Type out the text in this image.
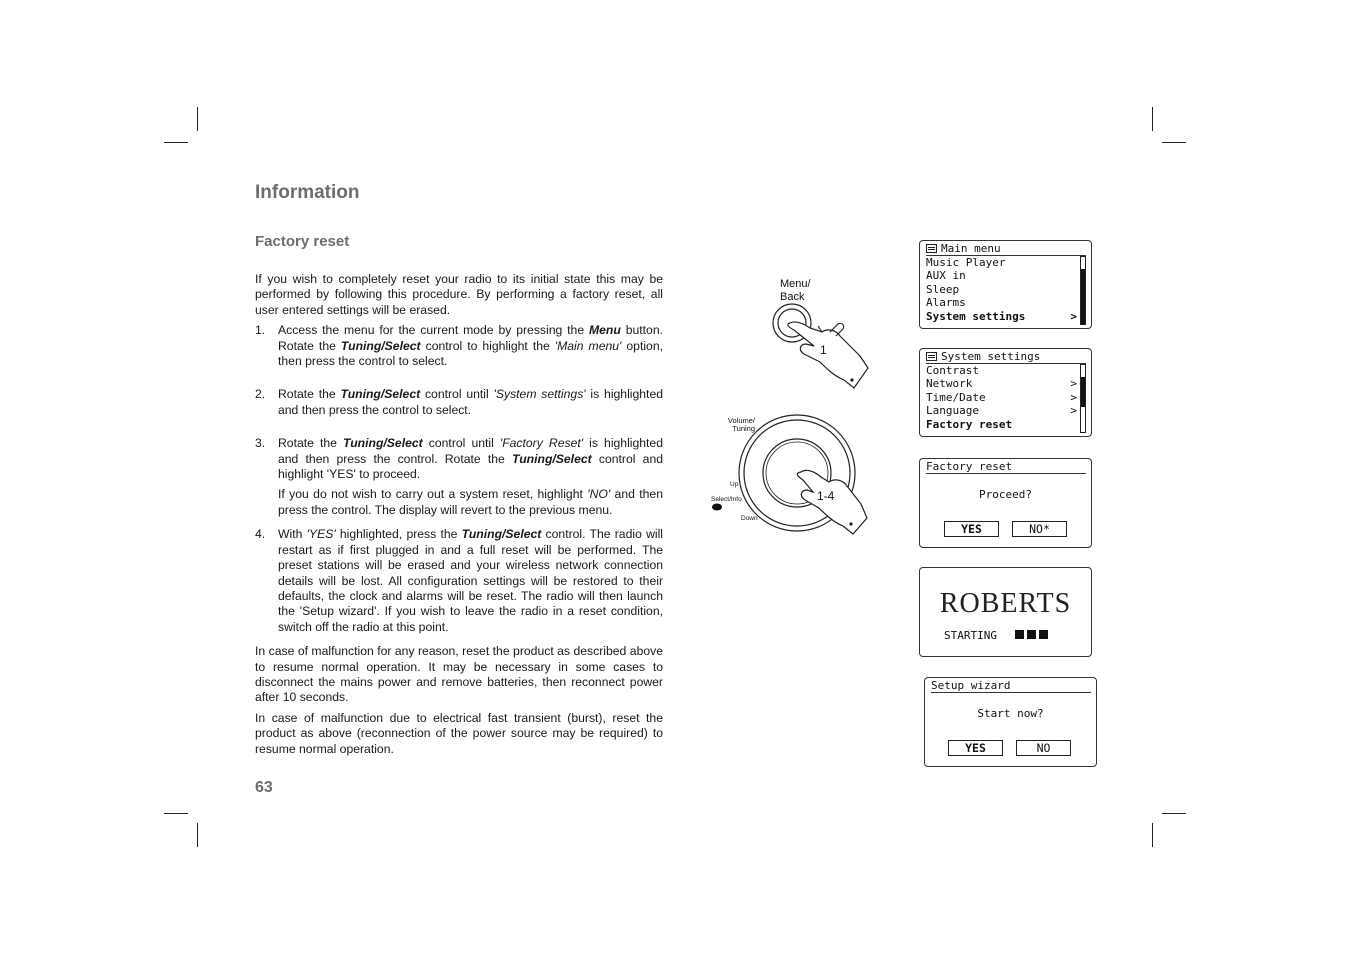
Information
Factory reset

If you wish to completely reset your radio to its initial state this may be performed by following this procedure. By performing a factory reset, all user entered settings will be erased.

1. Access the menu for the current mode by pressing the Menu button. Rotate the Tuning/Select control to highlight the 'Main menu' option, then press the control to select.

2. Rotate the Tuning/Select control until 'System settings' is highlighted and then press the control to select.

3. Rotate the Tuning/Select control until 'Factory Reset' is highlighted and then press the control. Rotate the Tuning/Select control and highlight 'YES' to proceed.

If you do not wish to carry out a system reset, highlight 'NO' and then press the control. The display will revert to the previous menu.

4. With 'YES' highlighted, press the Tuning/Select control. The radio will restart as if first plugged in and a full reset will be performed. The preset stations will be erased and your wireless network connection details will be lost. All configuration settings will be restored to their defaults, the clock and alarms will be reset. The radio will then launch the 'Setup wizard'. If you wish to leave the radio in a reset condition, switch off the radio at this point.

In case of malfunction for any reason, reset the product as described above to resume normal operation. It may be necessary in some cases to disconnect the mains power and remove batteries, then reconnect power after 10 seconds.

In case of malfunction due to electrical fast transient (burst), reset the product as above (reconnection of the power source may be required) to resume normal operation.

63
Menu/
Back
1
Volume/
Tuning
Up
Select/Info
Down
1-4
Main menu
Music Player
AUX in
Sleep
Alarms
System settings	>
System settings
Contrast
Network	>
Time/Date	>
Language	>
Factory reset
Factory reset
Proceed?
YES	NO*
ROBERTS
STARTING
Setup wizard
Start now?
YES	NO
